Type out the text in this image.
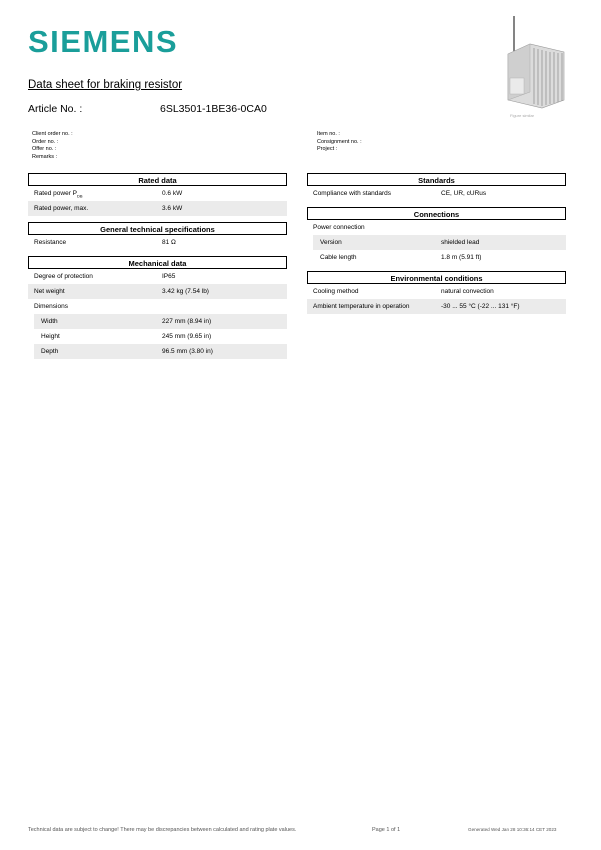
SIEMENS
Figure similar
Data sheet for braking resistor
Article No. :	6SL3501-1BE36-0CA0
Client order no. :
Order no. :
Offer no. :
Remarks :
Item no. :
Consignment no. :
Project :
Rated data
Rated power $P_{DB}$	0.6 kW
Rated power, max.	3.6 kW
General technical specifications
Resistance	81 Ω
Mechanical data
Degree of protection	IP65
Net weight	3.42 kg (7.54 lb)
Dimensions
Width	227 mm (8.94 in)
Height	245 mm (9.65 in)
Depth	96.5 mm (3.80 in)
Standards
Compliance with standards	CE, UR, cURus
Connections
Power connection
Version	shielded lead
Cable length	1.8 m (5.91 ft)
Environmental conditions
Cooling method	natural convection
Ambient temperature in operation	-30 ... 55 °C (-22 ... 131 °F)
Technical data are subject to change! There may be discrepancies between calculated and rating plate values.	Page 1 of 1	Generated Wed Jan 28 10:36:14 CET 2023
